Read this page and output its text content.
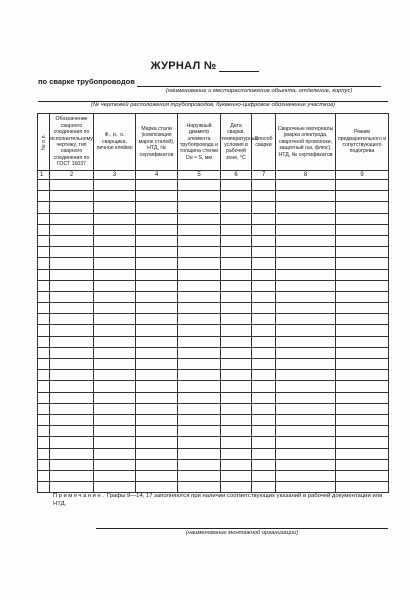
ЖУРНАЛ №
по сварке трубопроводов
(наименование и месторасположение объекта, отделение, корпус)
(№ чертежей расположения трубопроводов, буквенно-цифровое обозначение участков)
№ п.п.	Обозначение сварного соединения по исполнительному чертежу, тип сварного соединения по ГОСТ 16037	Ф., и., о. сварщика, личное клеймо	Марка стали (композиция марок сталей), НТД, № сертификатов	Наружный диаметр элемента трубопровода и толщина стенки Dн × S, мм	Дата сварки, температурные условия в рабочей зоне, °С	Способ сварки	Сварочные материалы (марка электрода, сварочной проволоки, защитный газ, флюс), НТД, № сертификатов	Режим предварительного и сопутствующего подогрева
1	2	3	4	5	6	7	8	9

Примечание. Графы 9—14, 17 заполняются при наличии соответствующих указаний в рабочей документации или НТД.
(наименование монтажной организации)
